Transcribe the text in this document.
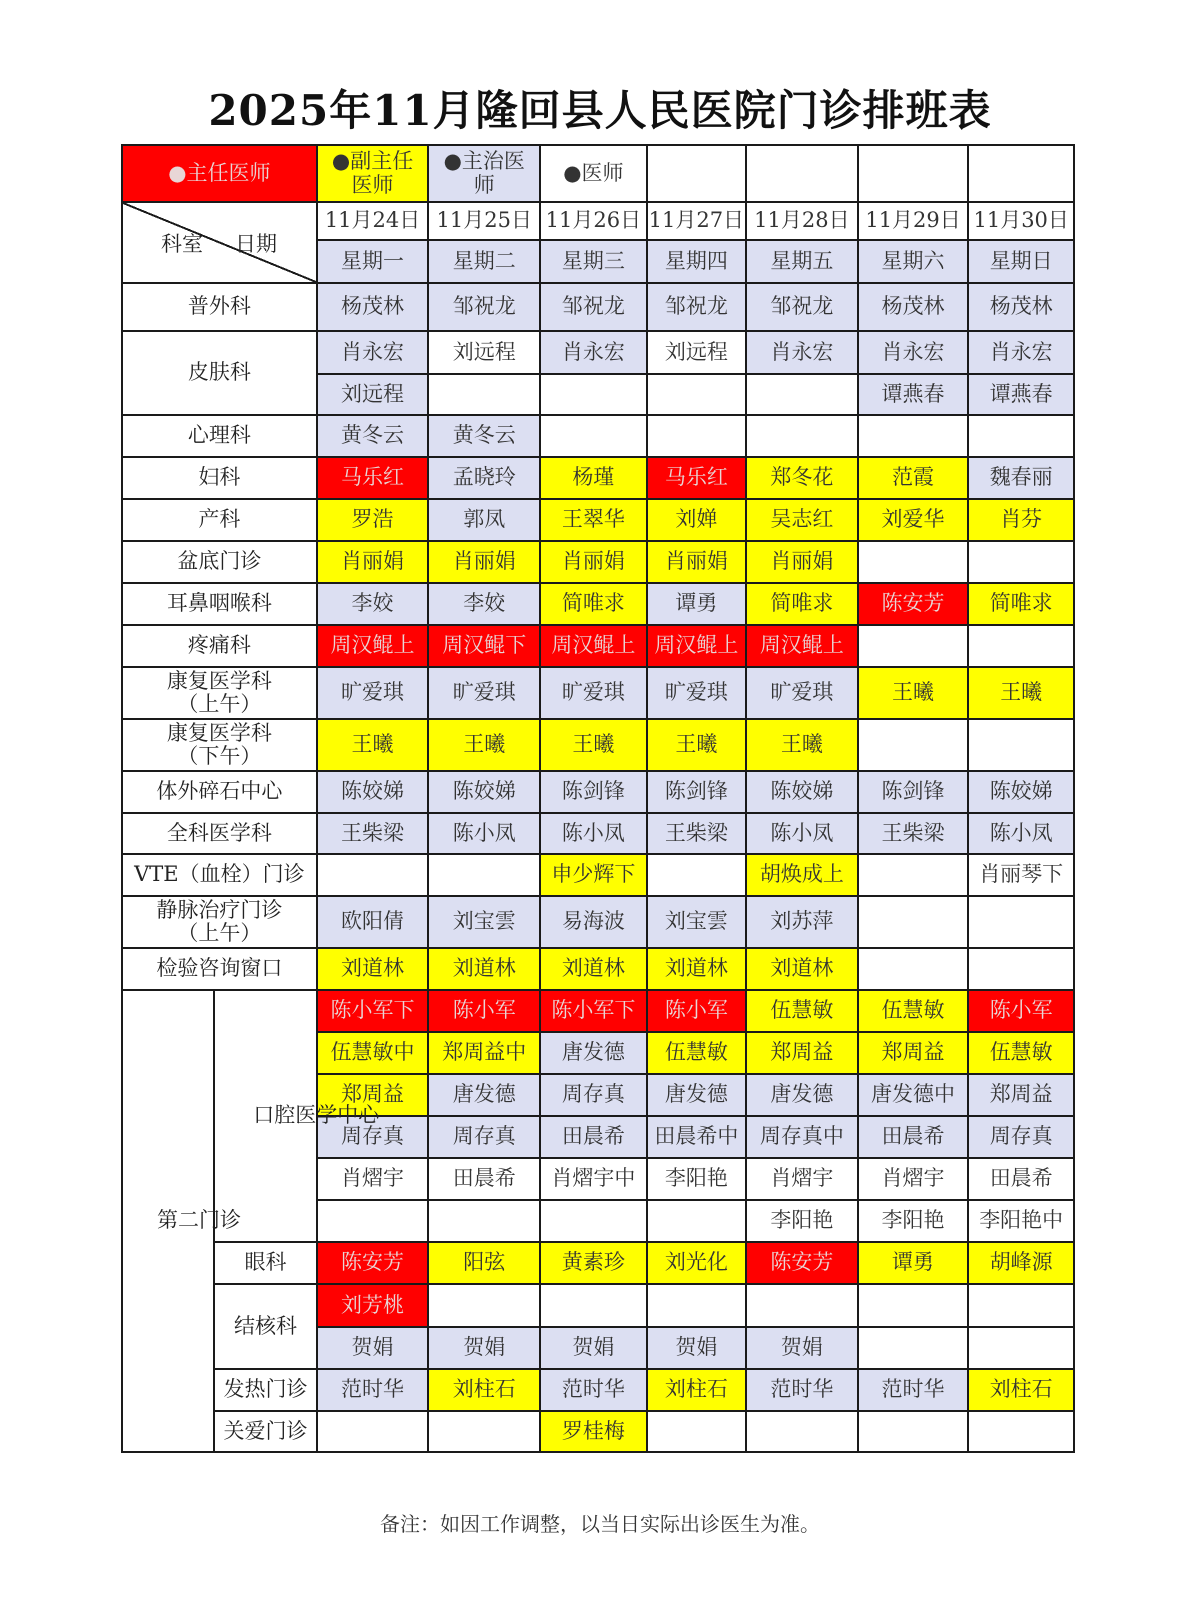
2025年11月隆回县人民医院门诊排班表
●主任医师		●副主任
医师	●主治医
师	●医师				

科室 日期		11月24日	11月25日	11月26日	11月27日	11月28日	11月29日	11月30日
		星期一	星期二	星期三	星期四	星期五	星期六	星期日
普外科		杨茂林	邹祝龙	邹祝龙	邹祝龙	邹祝龙	杨茂林	杨茂林
皮肤科		肖永宏	刘远程	肖永宏	刘远程	肖永宏	肖永宏	肖永宏
		刘远程					谭燕春	谭燕春
心理科		黄冬云	黄冬云					
妇科		马乐红	孟晓玲	杨瑾	马乐红	郑冬花	范霞	魏春丽
产科		罗浩	郭凤	王翠华	刘婵	吴志红	刘爱华	肖芬
盆底门诊		肖丽娟	肖丽娟	肖丽娟	肖丽娟	肖丽娟		
耳鼻咽喉科		李姣	李姣	简唯求	谭勇	简唯求	陈安芳	简唯求
疼痛科		周汉鲲上	周汉鲲下	周汉鲲上	周汉鲲上	周汉鲲上		
康复医学科
（上午）		旷爱琪	旷爱琪	旷爱琪	旷爱琪	旷爱琪	王曦	王曦
康复医学科
（下午）		王曦	王曦	王曦	王曦	王曦		
体外碎石中心		陈姣娣	陈姣娣	陈剑锋	陈剑锋	陈姣娣	陈剑锋	陈姣娣
全科医学科		王柴梁	陈小凤	陈小凤	王柴梁	陈小凤	王柴梁	陈小凤
VTE（血栓）门诊				申少辉下		胡焕成上		肖丽琴下
静脉治疗门诊
（上午）		欧阳倩	刘宝雲	易海波	刘宝雲	刘苏萍		
检验咨询窗口		刘道林	刘道林	刘道林	刘道林	刘道林		
第二门诊	口腔医学中心	陈小军下	陈小军	陈小军下	陈小军	伍慧敏	伍慧敏	陈小军
		伍慧敏中	郑周益中	唐发德	伍慧敏	郑周益	郑周益	伍慧敏
		郑周益	唐发德	周存真	唐发德	唐发德	唐发德中	郑周益
		周存真	周存真	田晨希	田晨希中	周存真中	田晨希	周存真
		肖熠宇	田晨希	肖熠宇中	李阳艳	肖熠宇	肖熠宇	田晨希
						李阳艳	李阳艳	李阳艳中
	眼科	陈安芳	阳弦	黄素珍	刘光化	陈安芳	谭勇	胡峰源
	结核科	刘芳桃						
		贺娟	贺娟	贺娟	贺娟	贺娟		
	发热门诊	范时华	刘柱石	范时华	刘柱石	范时华	范时华	刘柱石
	关爱门诊			罗桂梅				
备注：如因工作调整，以当日实际出诊医生为准。
